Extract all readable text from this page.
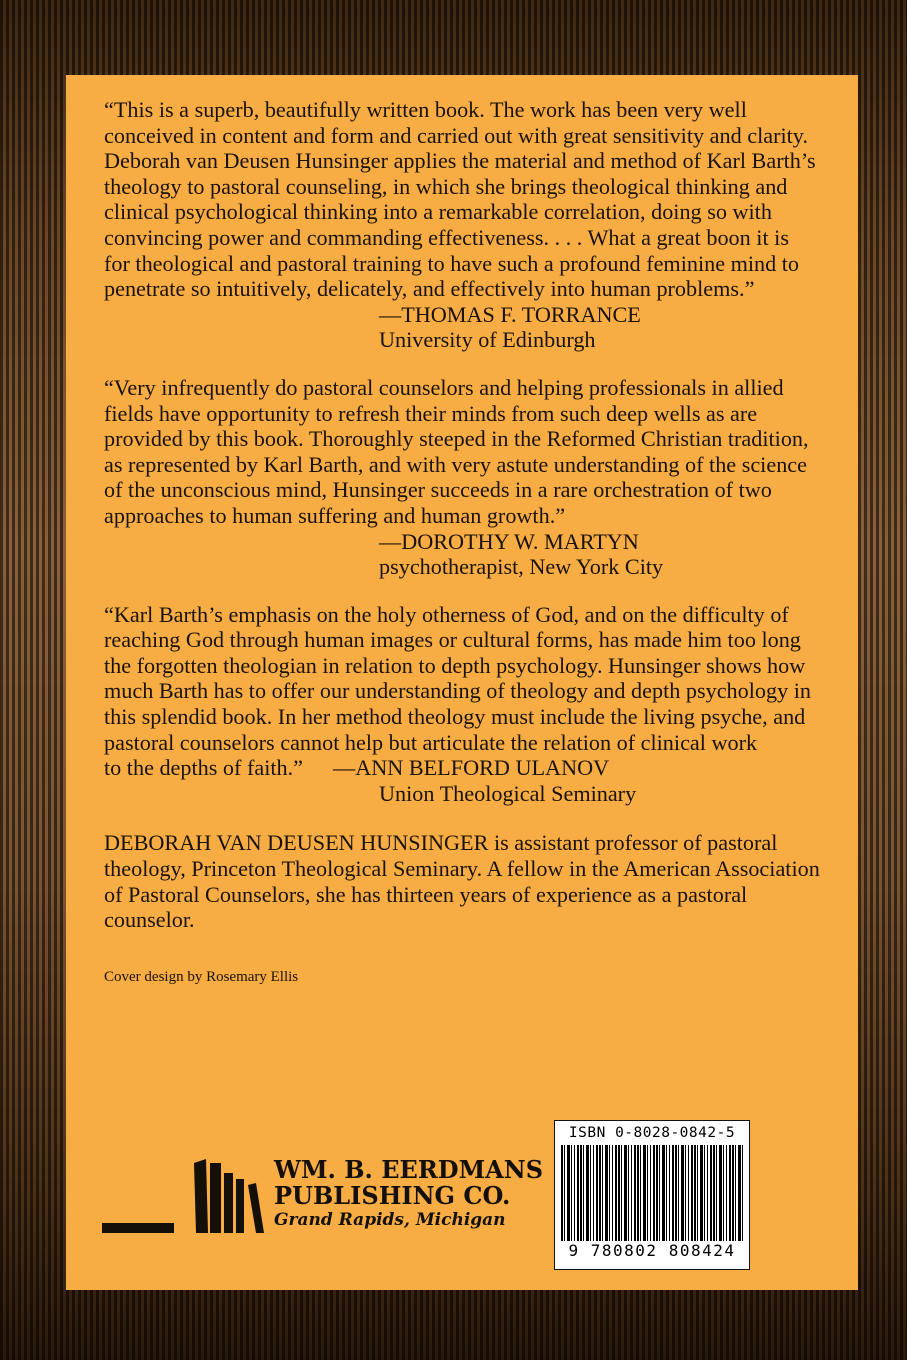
“This is a superb, beautifully written book. The work has been very well conceived in content and form and carried out with great sensitivity and clarity. Deborah van Deusen Hunsinger applies the material and method of Karl Barth’s theology to pastoral counseling, in which she brings theological thinking and clinical psychological thinking into a remarkable correlation, doing so with convincing power and commanding effectiveness. . . . What a great boon it is for theological and pastoral training to have such a profound feminine mind to penetrate so intuitively, delicately, and effectively into human problems.”

—THOMAS F. TORRANCE

University of Edinburgh

“Very infrequently do pastoral counselors and helping professionals in allied fields have opportunity to refresh their minds from such deep wells as are provided by this book. Thoroughly steeped in the Reformed Christian tradition, as represented by Karl Barth, and with very astute understanding of the science of the unconscious mind, Hunsinger succeeds in a rare orchestration of two approaches to human suffering and human growth.”

—DOROTHY W. MARTYN

psychotherapist, New York City

“Karl Barth’s emphasis on the holy otherness of God, and on the difficulty of reaching God through human images or cultural forms, has made him too long the forgotten theologian in relation to depth psychology. Hunsinger shows how much Barth has to offer our understanding of theology and depth psychology in this splendid book. In her method theology must include the living psyche, and pastoral counselors cannot help but articulate the relation of clinical work

to the depths of faith.” —ANN BELFORD ULANOV

Union Theological Seminary

DEBORAH VAN DEUSEN HUNSINGER is assistant professor of pastoral theology, Princeton Theological Seminary. A fellow in the American Association of Pastoral Counselors, she has thirteen years of experience as a pastoral counselor.

Cover design by Rosemary Ellis

WM. B. EERDMANS
PUBLISHING CO.
Grand Rapids, Michigan
ISBN 0-8028-0842-5
9 780802 808424
